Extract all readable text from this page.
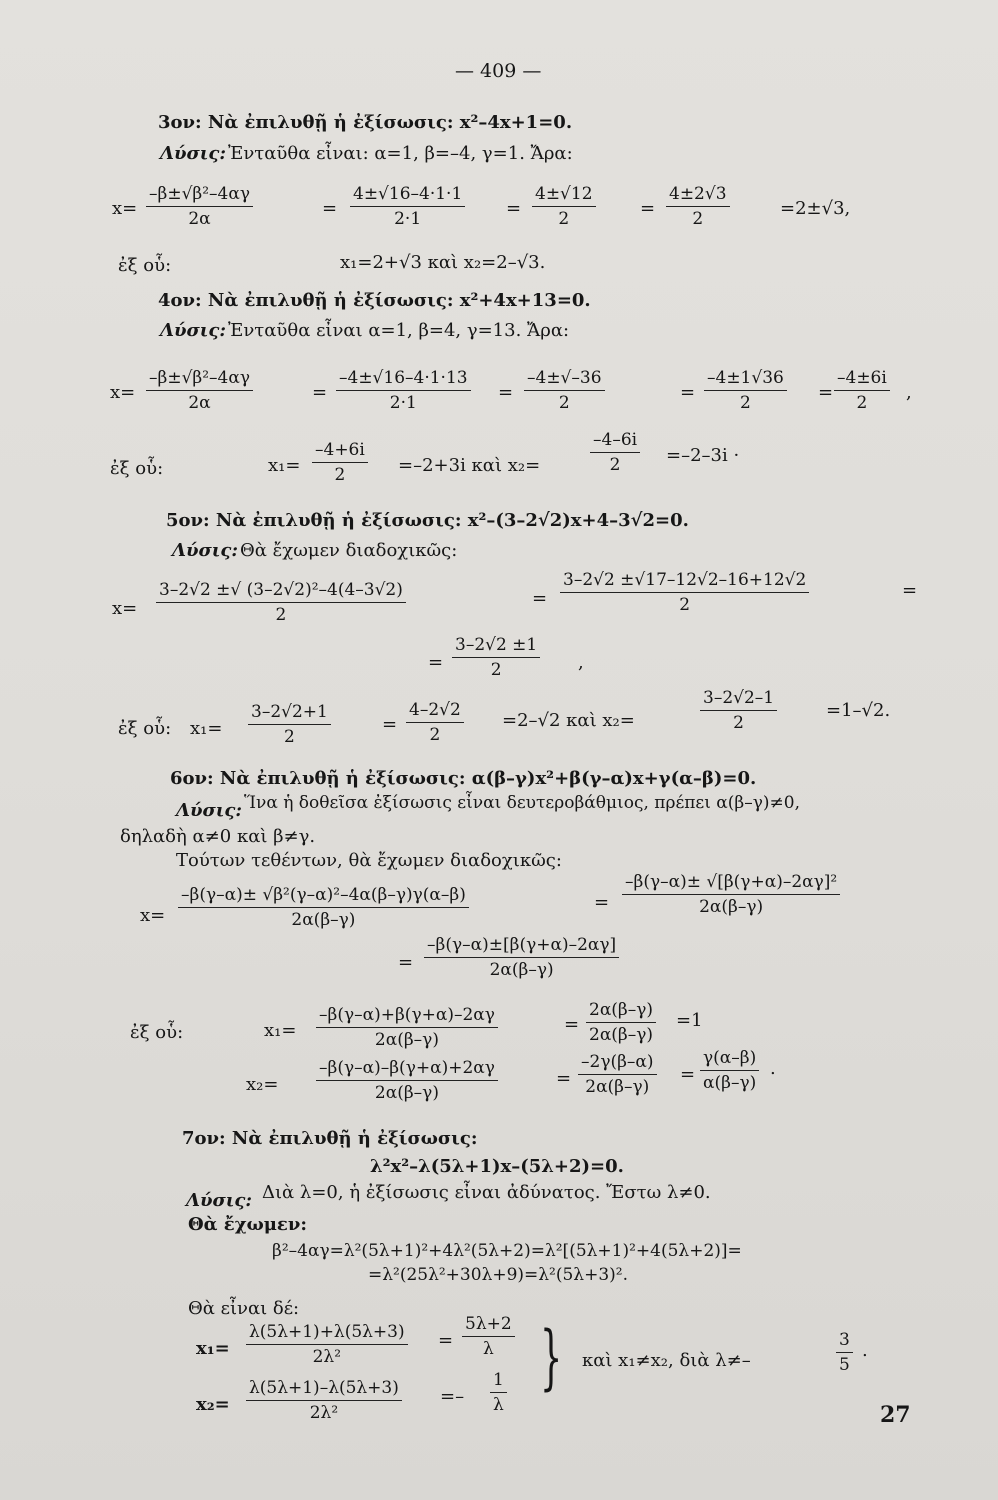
— 409 —
3ον: Νὰ ἐπιλυθῇ ἡ ἐξίσωσις: x²–4x+1=0.
Λύσις: Ἐνταῦθα εἶναι: α=1, β=–4, γ=1. Ἄρα:
$x= \frac{\text{–β±√β²–4αγ}}{2\alpha}$	= $\frac{4\pm√16-4\cdot 1\cdot 1}{2\cdot 1} = \frac{4\pm√12}{2} = \frac{4\pm 2√3}{2}$	=2±√3,
ἐξ οὗ:	x₁=2+√3 καὶ x₂=2–√3.
4ον: Νὰ ἐπιλυθῇ ἡ ἐξίσωσις: x²+4x+13=0.
Λύσις: Ἐνταῦθα εἶναι α=1, β=4, γ=13. Ἄρα:
$x= \frac{\text{–β±√β²–4αγ}}{2\alpha}$	= $\frac{-4\pm√16-4\cdot 1\cdot 13}{2\cdot 1} = \frac{-4\pm√-36}{2}$	= $\frac{-4\pm 1√36}{2} = \frac{-4\pm 6i}{2}$ ,
ἐξ οὗ:	$x_1= \frac{-4+6i}{2} =-2+3i$ καὶ x₂=	$\frac{-4-6i}{2} =-2-3i$ ·
5ον: Νὰ ἐπιλυθῇ ἡ ἐξίσωσις: x²–(3–2√2)x+4–3√2=0.
Λύσις: Θὰ ἔχωμεν διαδοχικῶς:
$x= \frac{\text{3–2√2 ±√ (3–2√2)²–4(4–3√2)}}{2}$	= $\frac{3-2√2 \pm√17-12√2-16+12√2}{2}$	=
= $\frac{3-2√2 \pm 1}{2}$ ,
ἐξ οὗ: $x_1= \frac{3-2√2+1}{2}$	= $\frac{4-2√2}{2} =2-√2$ καὶ x₂=	$\frac{3-2√2-1}{2}$	=1–√2.
6ον: Νὰ ἐπιλυθῇ ἡ ἐξίσωσις: α(β–γ)x²+β(γ–α)x+γ(α–β)=0.
Λύσις: Ἵνα ἡ δοθεῖσα ἐξίσωσις εἶναι δευτεροβάθμιος, πρέπει α(β–γ)≠0,
δηλαδὴ α≠0 καὶ β≠γ.
Τούτων τεθέντων, θὰ ἔχωμεν διαδοχικῶς:
$x= \frac{\text{–β(γ–α)± √β²(γ–α)²–4α(β–γ)γ(α–β)}}{2\alpha(\beta-\gamma)}$	= $\frac{\text{–β(γ–α)± √[β(γ+α)–2αγ]²}}{2\alpha(\beta-\gamma)}$
= $\frac{-\beta(\gamma-\alpha)\pm[\beta(\gamma+\alpha)-2\alpha\gamma]}{2\alpha(\beta-\gamma)}$
ἐξ οὗ:	$x_1= \frac{-\beta(\gamma-\alpha)+\beta(\gamma+\alpha)-2\alpha\gamma}{2\alpha(\beta-\gamma)}$	= $\frac{2\alpha(\beta-\gamma)}{2\alpha(\beta-\gamma)} =1$
$x_2= \frac{-\beta(\gamma-\alpha)-\beta(\gamma+\alpha)+2\alpha\gamma}{2\alpha(\beta-\gamma)}$	= $\frac{-2\gamma(\beta-\alpha)}{2\alpha(\beta-\gamma)} = \frac{\gamma(\alpha-\beta)}{\alpha(\beta-\gamma)}$ .
7ον: Νὰ ἐπιλυθῇ ἡ ἐξίσωσις:
λ²x²–λ(5λ+1)x–(5λ+2)=0.
Λύσις: Διὰ λ=0, ἡ ἐξίσωσις εἶναι ἀδύνατος. Ἔστω λ≠0.
Θὰ ἔχωμεν:
β²–4αγ=λ²(5λ+1)²+4λ²(5λ+2)=λ²[(5λ+1)²+4(5λ+2)]=
=λ²(25λ²+30λ+9)=λ²(5λ+3)².
Θὰ εἶναι δέ:
$x_1= \frac{\lambda(5\lambda+1)+\lambda(5\lambda+3)}{\text{2λ²}} = \frac{5\lambda+2}{\lambda}$
$x_2= \frac{\lambda(5\lambda+1)-\lambda(5\lambda+3)}{\text{2λ²}} =- \frac{1}{\lambda}$ } καὶ x₁≠x₂, διὰ λ≠–	$\frac{3}{5}$ .
27
